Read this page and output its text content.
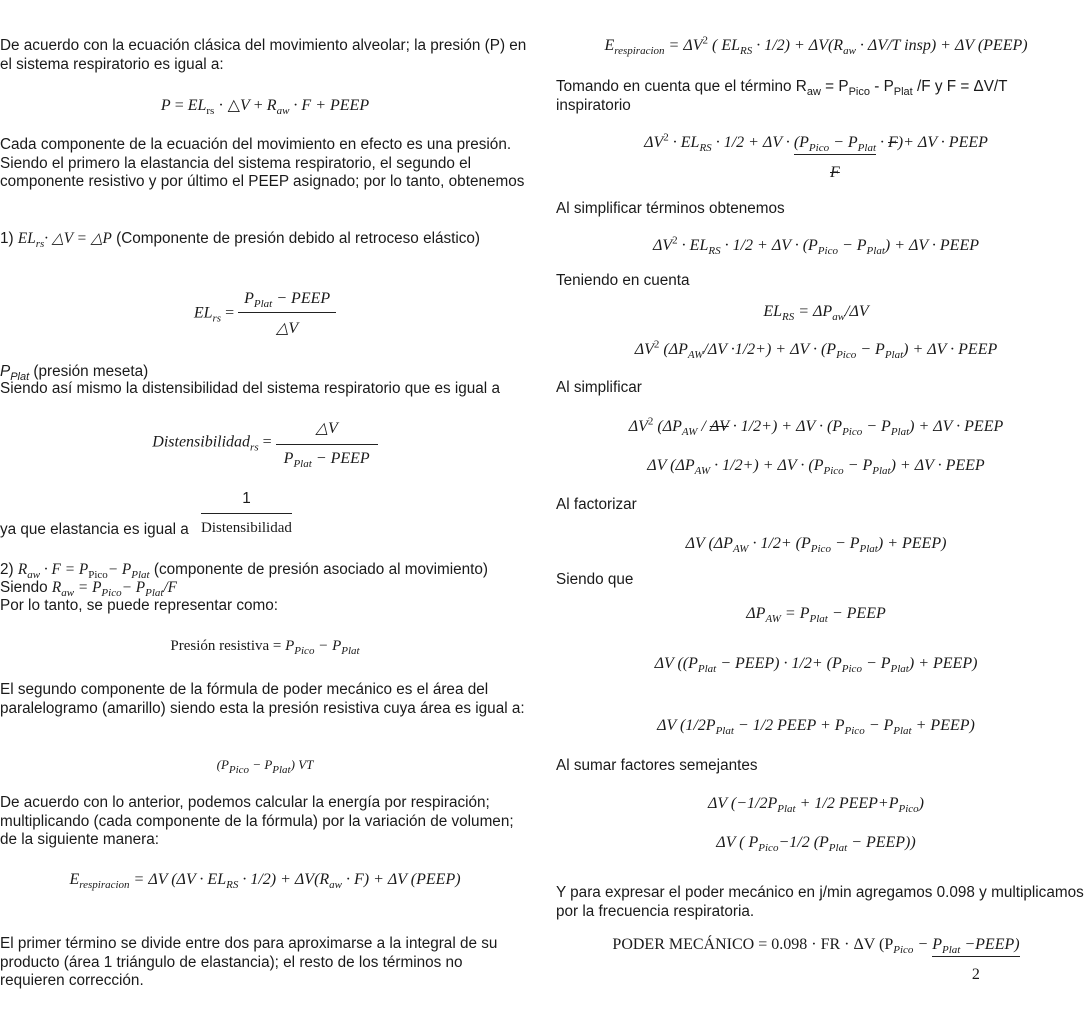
De acuerdo con la ecuación clásica del movimiento alveolar; la presión (P) en el sistema respiratorio es igual a:
$P = EL_{rs}$ · △V + $R_{aw} \cdot F$ + PEEP
Cada componente de la ecuación del movimiento en efecto es una presión. Siendo el primero la elastancia del sistema respiratorio, el segundo el componente resistivo y por último el PEEP asignado; por lo tanto, obtenemos
1) $EL_{rs}\cdot$ △V = △P (Componente de presión debido al retroceso elástico)
$EL_{rs} = \frac{P_{Plat} - PEEP}{\triangle V}$
$P_{Plat}$ (presión meseta)
Siendo así mismo la distensibilidad del sistema respiratorio que es igual a
Distensibilidad$_{rs}$ = $\frac{\triangle V}{P_{Plat} - PEEP}$
ya que elastancia es igual a $\frac{1}{\text{Distensibilidad}}$
2) $R_{aw} \cdot F = P_{Pico}- P_{Plat}$ (componente de presión asociado al movimiento)
Siendo $R_{aw} = P_{Pico}- P_{Plat}/F$
Por lo tanto, se puede representar como:
Presión resistiva = $P_{Pico} - P_{Plat}$
El segundo componente de la fórmula de poder mecánico es el área del paralelogramo (amarillo) siendo esta la presión resistiva cuya área es igual a:
$(P_{Pico} - P_{Plat})$ VT
De acuerdo con lo anterior, podemos calcular la energía por respiración; multiplicando (cada componente de la fórmula) por la variación de volumen; de la siguiente manera:
$E_{respiracion} = \Delta V$ $(\Delta V \cdot EL_{RS} \cdot 1/2) + \Delta V(R_{aw} \cdot F) + \Delta V$ (PEEP)
El primer término se divide entre dos para aproximarse a la integral de su producto (área 1 triángulo de elastancia); el resto de los términos no requieren corrección.
$E_{respiracion} = \Delta V^2$ ( $EL_{RS} \cdot 1/2) + \Delta V(R_{aw} \cdot \Delta V/T$ insp) + ΔV (PEEP)
Tomando en cuenta que el término $R_{aw} = P_{Pico} - P_{Plat}$ /F y F = ΔV/T inspiratorio
$\Delta V^2 \cdot EL_{RS} \cdot 1/2 + \Delta V \cdot (P_{Pico} - P_{Plat}$
F
· F)+ ΔV · PEEP
Al simplificar términos obtenemos
$\Delta V^2 \cdot EL_{RS} \cdot 1/2 + \Delta V \cdot (P_{Pico} - P_{Plat}) + \Delta V$ · PEEP
Teniendo en cuenta
$EL_{RS} = \Delta P_{aw}/\Delta V$
$\Delta V^2$ $(\Delta P_{AW}/\Delta V \cdot 1/2+) + \Delta V \cdot (P_{Pico} - P_{Plat}) + \Delta V$ · PEEP
Al simplificar
$\Delta V^2$ $(\Delta P_{AW} / \Delta V \cdot 1/2+) + \Delta V \cdot (P_{Pico} - P_{Plat}) + \Delta V$ · PEEP
ΔV $(\Delta P_{AW} \cdot 1/2+) + \Delta V \cdot (P_{Pico} - P_{Plat}) + \Delta V$ · PEEP
Al factorizar
ΔV ($\Delta P_{AW} \cdot 1/2+ (P_{Pico} - P_{Plat})$ + PEEP)
Siendo que
$\Delta P_{AW} = P_{Plat}$ − PEEP
ΔV (($P_{Plat}$ − PEEP) · $1/2+ (P_{Pico} - P_{Plat})$ + PEEP)
ΔV ($1/2P_{Plat} - 1/2$ PEEP + $P_{Pico} - P_{Plat}$ + PEEP)
Al sumar factores semejantes
ΔV ($-1/2P_{Plat} + 1/2$ $PEEP+P_{Pico}$)
ΔV ( $P_{Pico}-1/2$ ($P_{Plat}$ − PEEP))
Y para expresar el poder mecánico en j/min agregamos 0.098 y multiplicamos por la frecuencia respiratoria.
PODER MECÁNICO = 0.098 · FR · ΔV ($P_{Pico} - P_{Plat}$ −PEEP)
2
